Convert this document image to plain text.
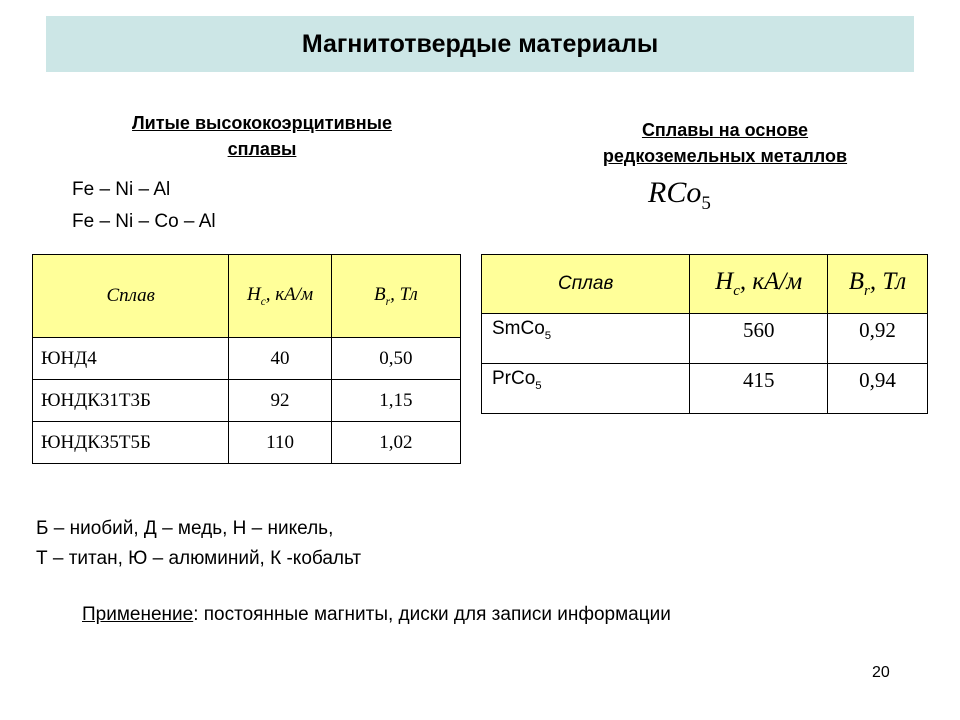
Магнитотвердые материалы
Литые высококоэрцитивные
сплавы
Сплавы на основе
редкоземельных металлов
Fe – Ni – Al
Fe – Ni – Co – Al
RCo$_5$
Сплав	$H_c$, кА/м	$B_r$, Тл
ЮНД4	40	0,50
ЮНДК31Т3Б	92	1,15
ЮНДК35Т5Б	110	1,02
Сплав	$H_c$, кА/м	$B_r$, Тл
SmCo$_5$	560	0,92
PrCo$_5$	415	0,94
Б – ниобий, Д – медь, Н – никель,
Т – титан, Ю – алюминий, К -кобальт
Применение: постоянные магниты, диски для записи информации
20
